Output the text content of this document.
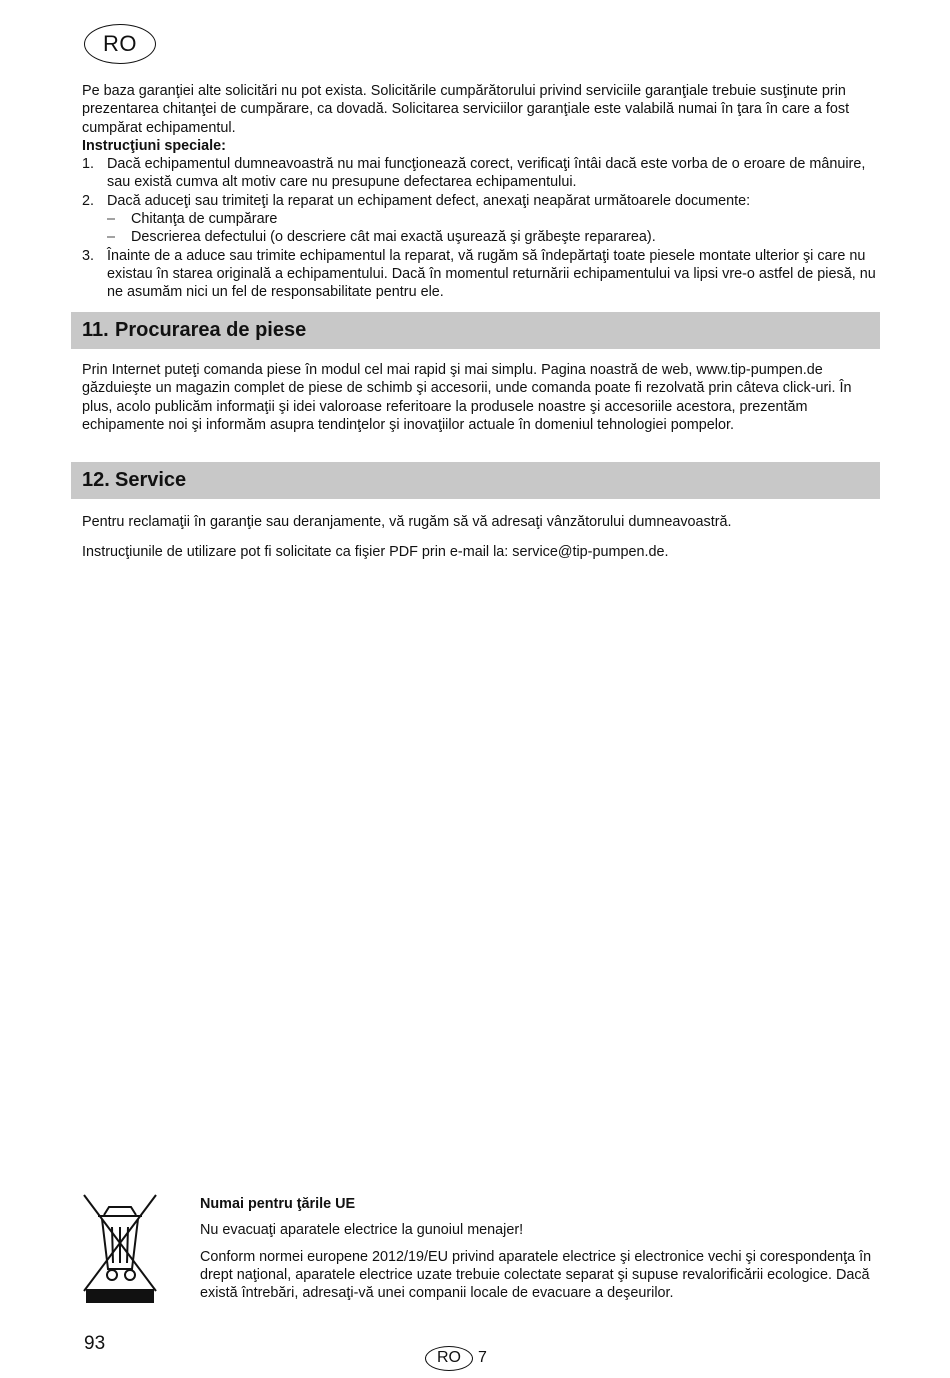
RO

Pe baza garanţiei alte solicitări nu pot exista. Solicitările cumpărătorului privind serviciile garanţiale trebuie susţinute prin prezentarea chitanţei de cumpărare, ca dovadă. Solicitarea serviciilor garanţiale este valabilă numai în ţara în care a fost cumpărat echipamentul.

Instrucţiuni speciale:

1. Dacă echipamentul dumneavoastră nu mai funcţionează corect, verificaţi întâi dacă este vorba de o eroare de mânuire, sau există cumva alt motiv care nu presupune defectarea echipamentului.
2. Dacă aduceţi sau trimiteţi la reparat un echipament defect, anexaţi neapărat următoarele documente:
– Chitanţa de cumpărare
– Descrierea defectului (o descriere cât mai exactă uşurează şi grăbeşte repararea).
3. Înainte de a aduce sau trimite echipamentul la reparat, vă rugăm să îndepărtaţi toate piesele montate ulterior şi care nu existau în starea originală a echipamentului. Dacă în momentul returnării echipamentului va lipsi vre-o astfel de piesă, nu ne asumăm nici un fel de responsabilitate pentru ele.
11. Procurarea de piese

Prin Internet puteţi comanda piese în modul cel mai rapid şi mai simplu. Pagina noastră de web, www.tip-pumpen.de găzduieşte un magazin complet de piese de schimb şi accesorii, unde comanda poate fi rezolvată prin câteva click-uri. În plus, acolo publicăm informaţii şi idei valoroase referitoare la produsele noastre şi accesoriile acestora, prezentăm echipamente noi şi informăm asupra tendinţelor şi inovaţiilor actuale în domeniul tehnologiei pompelor.

12. Service

Pentru reclamaţii în garanţie sau deranjamente, vă rugăm să vă adresaţi vânzătorului dumneavoastră.

Instrucţiunile de utilizare pot fi solicitate ca fişier PDF prin e-mail la: service@tip-pumpen.de.

Numai pentru ţările UE

Nu evacuaţi aparatele electrice la gunoiul menajer!

Conform normei europene 2012/19/EU privind aparatele electrice şi electronice vechi şi corespondenţa în drept naţional, aparatele electrice uzate trebuie colectate separat şi supuse revalorificării ecologice. Dacă există întrebări, adresaţi-vă unei companii locale de evacuare a deşeurilor.

93
RO	7
